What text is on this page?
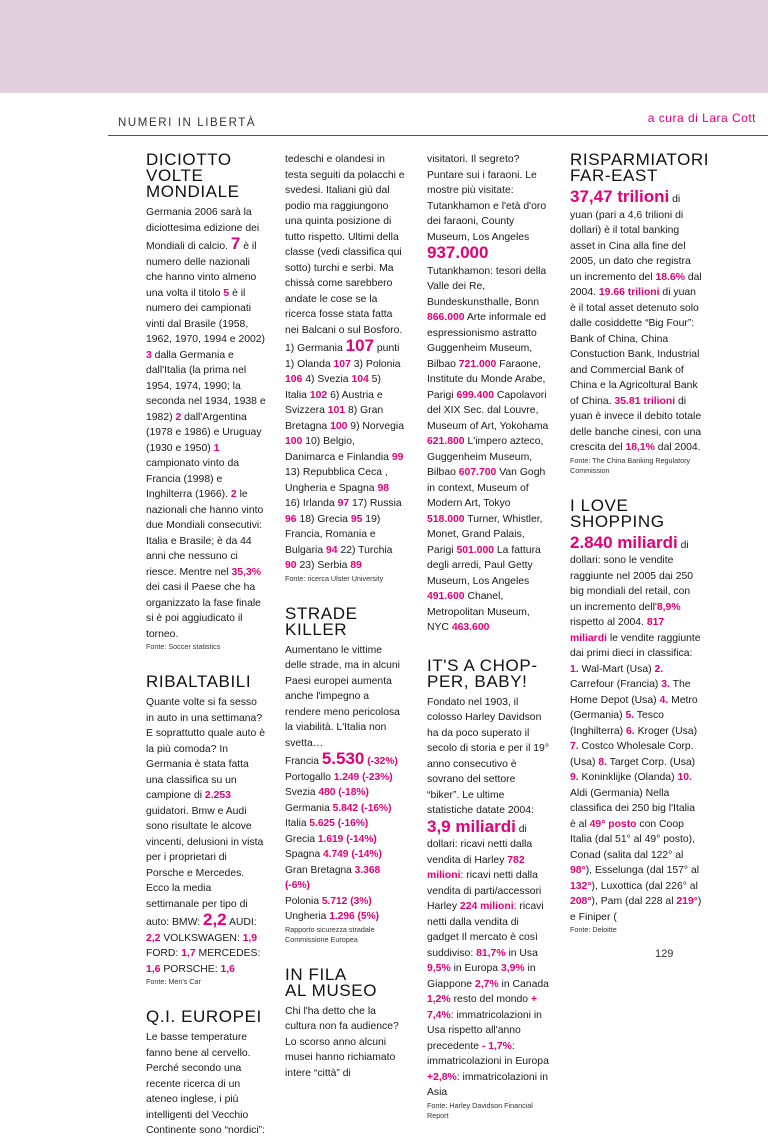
NUMERI IN LIBERTÀ	a cura di Lara Cott
DICIOTTO
VOLTE
MONDIALE

Germania 2006 sarà la diciottesima edizione dei Mondiali di calcio. 7 è il numero delle nazionali che hanno vinto almeno una volta il titolo 5 è il numero dei campionati vinti dal Brasile (1958, 1962, 1970, 1994 e 2002) 3 dalla Germania e dall'Italia (la prima nel 1954, 1974, 1990; la seconda nel 1934, 1938 e 1982) 2 dall'Argentina (1978 e 1986) e Uruguay (1930 e 1950) 1 campionato vinto da Francia (1998) e Inghilterra (1966). 2 le nazionali che hanno vinto due Mondiali consecutivi: Italia e Brasile; è da 44 anni che nessuno ci riesce. Mentre nel 35,3% dei casi il Paese che ha organizzato la fase finale si è poi aggiudicato il torneo.

Fonte: Soccer statistics

RIBALTABILI

Quante volte si fa sesso in auto in una settimana? E soprattutto quale auto è la più comoda? In Germania è stata fatta una classifica su un campione di 2.253 guidatori. Bmw e Audi sono risultate le alcove vincenti, delusioni in vista per i proprietari di Porsche e Mercedes. Ecco la media settimanale per tipo di auto: BMW: 2,2 AUDI: 2,2 VOLKSWAGEN: 1,9 FORD: 1,7 MERCEDES: 1,6 PORSCHE: 1,6

Fonte: Men's Car

Q.I. EUROPEI

Le basse temperature fanno bene al cervello. Perché secondo una recente ricerca di un ateneo inglese, i più intelligenti del Vecchio Continente sono “nordici”:

tedeschi e olandesi in testa seguiti da polacchi e svedesi. Italiani giù dal podio ma raggiungono una quinta posizione di tutto rispetto. Ultimi della classe (vedi classifica qui sotto) turchi e serbi. Ma chissà come sarebbero andate le cose se la ricerca fosse stata fatta nei Balcani o sul Bosforo. 1) Germania 107 punti 1) Olanda 107 3) Polonia 106 4) Svezia 104 5) Italia 102 6) Austria e Svizzera 101 8) Gran Bretagna 100 9) Norvegia 100 10) Belgio, Danimarca e Finlandia 99 13) Repubblica Ceca , Ungheria e Spagna 98 16) Irlanda 97 17) Russia 96 18) Grecia 95 19) Francia, Romania e Bulgaria 94 22) Turchia 90 23) Serbia 89

Fonte: ricerca Ulster University

STRADE
KILLER

Aumentano le vittime delle strade, ma in alcuni Paesi europei aumenta anche l'impegno a rendere meno pericolosa la viabilità. L'Italia non svetta…

Francia 5.530 (-32%)
Portogallo 1.249 (-23%)
Svezia 480 (-18%)
Germania 5.842 (-16%)
Italia 5.625 (-16%)
Grecia 1.619 (-14%)
Spagna 4.749 (-14%)
Gran Bretagna 3.368 (-6%)
Polonia 5.712 (3%)
Ungheria 1.296 (5%)

Rapporto sicurezza stradale Commissione Europea

IN FILA
AL MUSEO

Chi l'ha detto che la cultura non fa audience? Lo scorso anno alcuni musei hanno richiamato intere “città” di

visitatori. Il segreto? Puntare sui i faraoni. Le mostre più visitate: Tutankhamon e l'età d'oro dei faraoni, County Museum, Los Angeles 937.000 Tutankhamon: tesori della Valle dei Re, Bundeskunsthalle, Bonn 866.000 Arte informale ed espressionismo astratto Guggenheim Museum, Bilbao 721.000 Faraone, Institute du Monde Arabe, Parigi 699.400 Capolavori del XIX Sec. dal Louvre, Museum of Art, Yokohama 621.800 L'impero azteco, Guggenheim Museum, Bilbao 607.700 Van Gogh in context, Museum of Modern Art, Tokyo 518.000 Turner, Whistler, Monet, Grand Palais, Parigi 501.000 La fattura degli arredi, Paul Getty Museum, Los Angeles 491.600 Chanel, Metropolitan Museum, NYC 463.600

IT'S A CHOP-
PER, BABY!

Fondato nel 1903, il colosso Harley Davidson ha da poco superato il secolo di storia e per il 19° anno consecutivo è sovrano del settore “biker”. Le ultime statistiche datate 2004: 3,9 miliardi di dollari: ricavi netti dalla vendita di Harley 782 milioni: ricavi netti dalla vendita di parti/accessori Harley 224 milioni: ricavi netti dalla vendita di gadget Il mercato è così suddiviso: 81,7% in Usa 9,5% in Europa 3,9% in Giappone 2,7% in Canada 1,2% resto del mondo + 7,4%: immatricolazioni in Usa rispetto all'anno precedente - 1,7%: immatricolazioni in Europa +2,8%: immatricolazioni in Asia

Fonte: Harley Davidson Financial Report

RISPARMIATORI
FAR-EAST

37,47 trilioni di yuan (pari a 4,6 trilioni di dollari) è il total banking asset in Cina alla fine del 2005, un dato che registra un incremento del 18.6% dal 2004. 19.66 trilioni di yuan è il total asset detenuto solo dalle cosiddette “Big Four”: Bank of China, China Constuction Bank, Industrial and Commercial Bank of China e la Agricoltural Bank of China. 35.81 trilioni di yuan è invece il debito totale delle banche cinesi, con una crescita del 18,1% dal 2004.

Fonte: The China Banking Regulatory Commission

I LOVE
SHOPPING

2.840 miliardi di dollari: sono le vendite raggiunte nel 2005 dai 250 big mondiali del retail, con un incremento dell'8,9% rispetto al 2004. 817 miliardi le vendite raggiunte dai primi dieci in classifica: 1. Wal-Mart (Usa) 2. Carrefour (Francia) 3. The Home Depot (Usa) 4. Metro (Germania) 5. Tesco (Inghilterra) 6. Kroger (Usa) 7. Costco Wholesale Corp. (Usa) 8. Target Corp. (Usa) 9. Koninklijke (Olanda) 10. Aldi (Germania) Nella classifica dei 250 big l'Italia è al 49° posto con Coop Italia (dal 51° al 49° posto), Conad (salita dal 122° al 98°), Esselunga (dal 157° al 132°), Luxottica (dal 226° al 208°), Pam (dal 228 al 219°) e Finiper (

Fonte: Deloitte

129
